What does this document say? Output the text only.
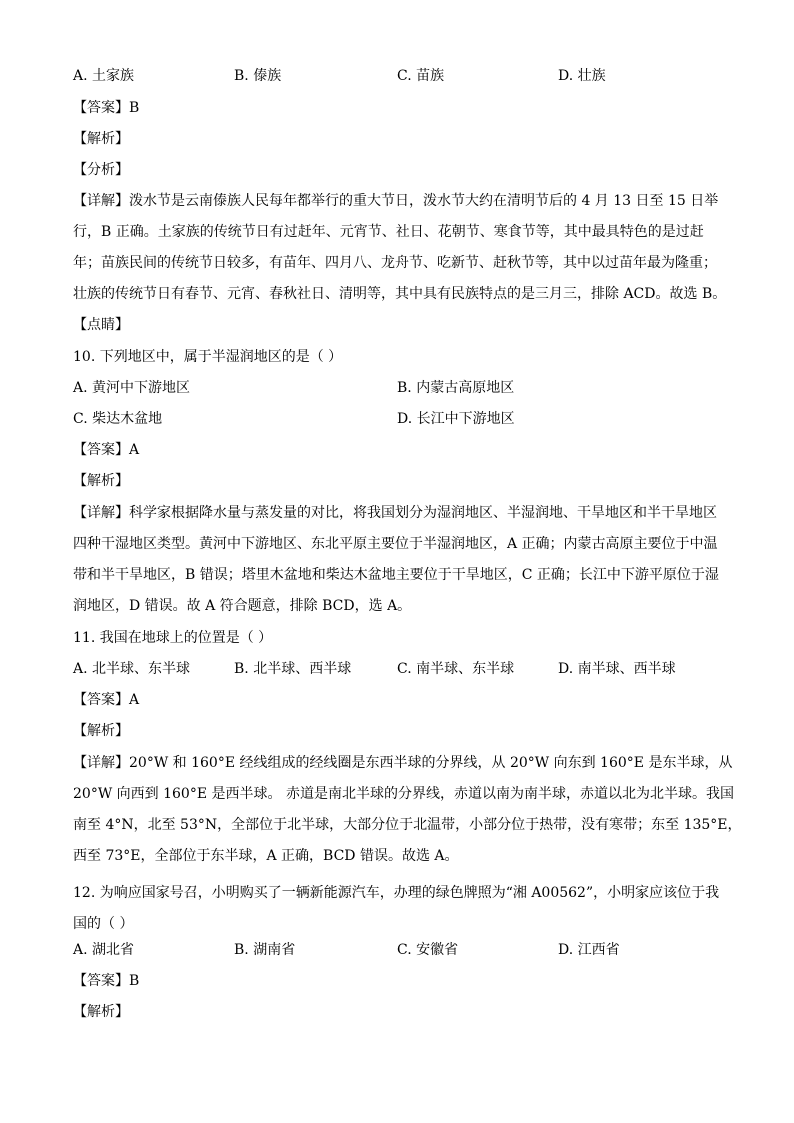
A. 土家族	B. 傣族	C. 苗族	D. 壮族
【答案】B
【解析】
【分析】
【详解】泼水节是云南傣族人民每年都举行的重大节日，泼水节大约在清明节后的 4 月 13 日至 15 日举
行，B 正确。土家族的传统节日有过赶年、元宵节、社日、花朝节、寒食节等，其中最具特色的是过赶
年；苗族民间的传统节日较多，有苗年、四月八、龙舟节、吃新节、赶秋节等，其中以过苗年最为隆重；
壮族的传统节日有春节、元宵、春秋社日、清明等，其中具有民族特点的是三月三，排除 ACD。故选 B。
【点睛】
10. 下列地区中，属于半湿润地区的是（ ）
A. 黄河中下游地区	B. 内蒙古高原地区
C. 柴达木盆地	D. 长江中下游地区
【答案】A
【解析】
【详解】科学家根据降水量与蒸发量的对比，将我国划分为湿润地区、半湿润地、干旱地区和半干旱地区
四种干湿地区类型。黄河中下游地区、东北平原主要位于半湿润地区，A 正确；内蒙古高原主要位于中温
带和半干旱地区，B 错误；塔里木盆地和柴达木盆地主要位于干旱地区，C 正确；长江中下游平原位于湿
润地区，D 错误。故 A 符合题意，排除 BCD，选 A。
11. 我国在地球上的位置是（ ）
A. 北半球、东半球	B. 北半球、西半球	C. 南半球、东半球	D. 南半球、西半球
【答案】A
【解析】
【详解】20°W 和 160°E 经线组成的经线圈是东西半球的分界线，从 20°W 向东到 160°E 是东半球，从
20°W 向西到 160°E 是西半球。 赤道是南北半球的分界线，赤道以南为南半球，赤道以北为北半球。我国
南至 4°N，北至 53°N，全部位于北半球，大部分位于北温带，小部分位于热带，没有寒带；东至 135°E，
西至 73°E，全部位于东半球，A 正确，BCD 错误。故选 A。
12. 为响应国家号召，小明购买了一辆新能源汽车，办理的绿色牌照为“湘 A00562”，小明家应该位于我
国的（ ）
A. 湖北省	B. 湖南省	C. 安徽省	D. 江西省
【答案】B
【解析】
